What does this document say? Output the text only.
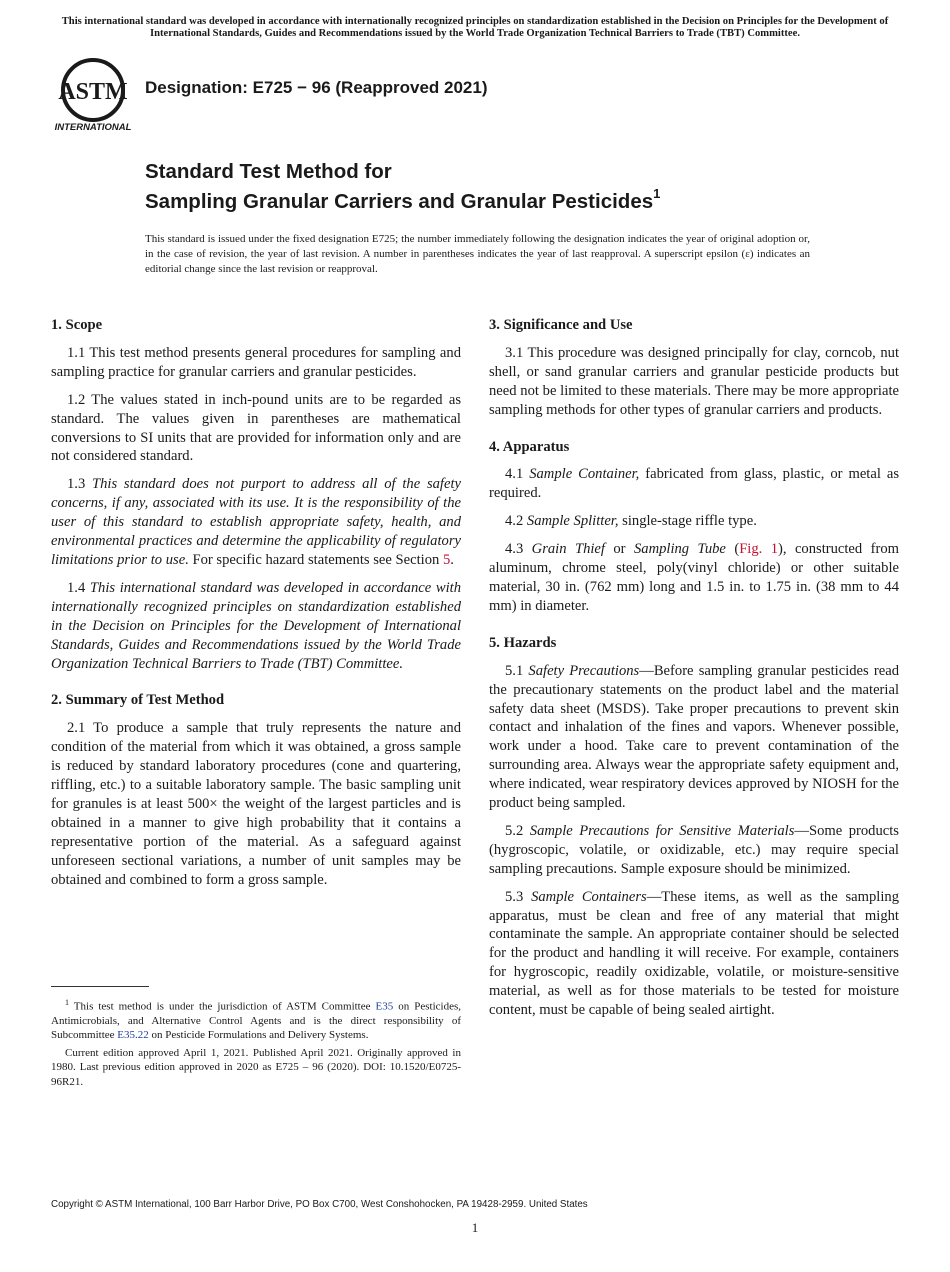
This international standard was developed in accordance with internationally recognized principles on standardization established in the Decision on Principles for the Development of International Standards, Guides and Recommendations issued by the World Trade Organization Technical Barriers to Trade (TBT) Committee.
ASTM
INTERNATIONAL
Designation: E725 − 96 (Reapproved 2021)
Standard Test Method for
Sampling Granular Carriers and Granular Pesticides$^1$
This standard is issued under the fixed designation E725; the number immediately following the designation indicates the year of original adoption or, in the case of revision, the year of last revision. A number in parentheses indicates the year of last reapproval. A superscript epsilon (ε) indicates an editorial change since the last revision or reapproval.
1. Scope

1.1 This test method presents general procedures for sampling and sampling practice for granular carriers and granular pesticides.

1.2 The values stated in inch-pound units are to be regarded as standard. The values given in parentheses are mathematical conversions to SI units that are provided for information only and are not considered standard.

1.3 This standard does not purport to address all of the safety concerns, if any, associated with its use. It is the responsibility of the user of this standard to establish appropriate safety, health, and environmental practices and determine the applicability of regulatory limitations prior to use. For specific hazard statements see Section 5.

1.4 This international standard was developed in accordance with internationally recognized principles on standardization established in the Decision on Principles for the Development of International Standards, Guides and Recommendations issued by the World Trade Organization Technical Barriers to Trade (TBT) Committee.

2. Summary of Test Method

2.1 To produce a sample that truly represents the nature and condition of the material from which it was obtained, a gross sample is reduced by standard laboratory procedures (cone and quartering, riffling, etc.) to a suitable laboratory sample. The basic sampling unit for granules is at least 500× the weight of the largest particles and is obtained in a manner to give high probability that it contains a representative portion of the material. As a safeguard against unforeseen sectional variations, a number of unit samples may be obtained and combined to form a gross sample.

3. Significance and Use

3.1 This procedure was designed principally for clay, corncob, nut shell, or sand granular carriers and granular pesticide products but need not be limited to these materials. There may be more appropriate sampling methods for other types of granular carriers and products.

4. Apparatus

4.1 Sample Container, fabricated from glass, plastic, or metal as required.

4.2 Sample Splitter, single-stage riffle type.

4.3 Grain Thief or Sampling Tube (Fig. 1), constructed from aluminum, chrome steel, poly(vinyl chloride) or other suitable material, 30 in. (762 mm) long and 1.5 in. to 1.75 in. (38 mm to 44 mm) in diameter.

5. Hazards

5.1 Safety Precautions—Before sampling granular pesticides read the precautionary statements on the product label and the material safety data sheet (MSDS). Take proper precautions to prevent skin contact and inhalation of the fines and vapors. Whenever possible, work under a hood. Take care to prevent contamination of the surrounding area. Always wear the appropriate safety equipment and, where indicated, wear respiratory devices approved by NIOSH for the product being sampled.

5.2 Sample Precautions for Sensitive Materials—Some products (hygroscopic, volatile, or oxidizable, etc.) may require special sampling precautions. Sample exposure should be minimized.

5.3 Sample Containers—These items, as well as the sampling apparatus, must be clean and free of any material that might contaminate the sample. An appropriate container should be selected for the product and handling it will receive. For example, containers for hygroscopic, readily oxidizable, volatile, or moisture-sensitive material, as well as for those materials to be tested for moisture content, must be capable of being sealed airtight.

$^1$ This test method is under the jurisdiction of ASTM Committee E35 on Pesticides, Antimicrobials, and Alternative Control Agents and is the direct responsibility of Subcommittee E35.22 on Pesticide Formulations and Delivery Systems.

Current edition approved April 1, 2021. Published April 2021. Originally approved in 1980. Last previous edition approved in 2020 as E725 – 96 (2020). DOI: 10.1520/E0725-96R21.

Copyright © ASTM International, 100 Barr Harbor Drive, PO Box C700, West Conshohocken, PA 19428-2959. United States
1
